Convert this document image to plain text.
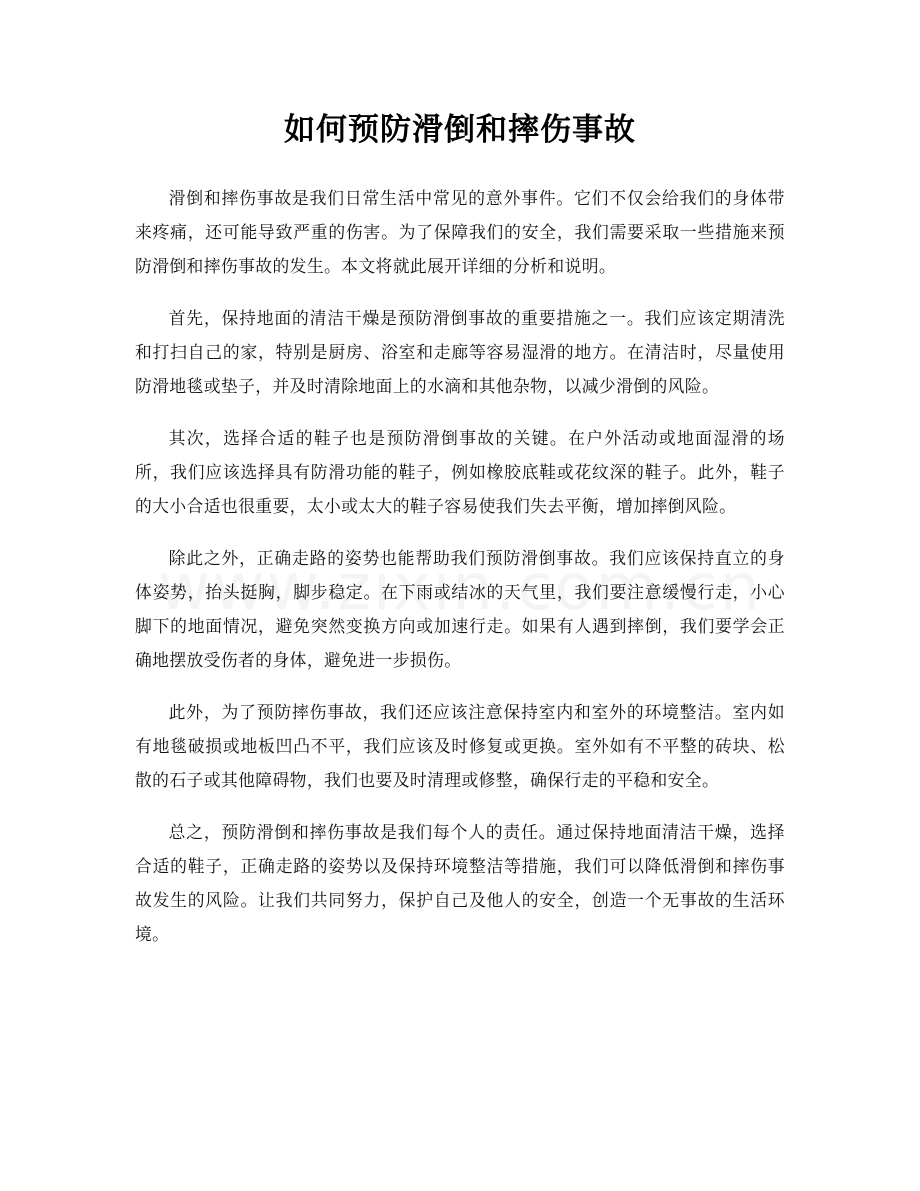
如何预防滑倒和摔伤事故

滑倒和摔伤事故是我们日常生活中常见的意外事件。它们不仅会给我们的身体带来疼痛，还可能导致严重的伤害。为了保障我们的安全，我们需要采取一些措施来预防滑倒和摔伤事故的发生。本文将就此展开详细的分析和说明。

首先，保持地面的清洁干燥是预防滑倒事故的重要措施之一。我们应该定期清洗和打扫自己的家，特别是厨房、浴室和走廊等容易湿滑的地方。在清洁时，尽量使用防滑地毯或垫子，并及时清除地面上的水滴和其他杂物，以减少滑倒的风险。

其次，选择合适的鞋子也是预防滑倒事故的关键。在户外活动或地面湿滑的场所，我们应该选择具有防滑功能的鞋子，例如橡胶底鞋或花纹深的鞋子。此外，鞋子的大小合适也很重要，太小或太大的鞋子容易使我们失去平衡，增加摔倒风险。

除此之外，正确走路的姿势也能帮助我们预防滑倒事故。我们应该保持直立的身体姿势，抬头挺胸，脚步稳定。在下雨或结冰的天气里，我们要注意缓慢行走，小心脚下的地面情况，避免突然变换方向或加速行走。如果有人遇到摔倒，我们要学会正确地摆放受伤者的身体，避免进一步损伤。

此外，为了预防摔伤事故，我们还应该注意保持室内和室外的环境整洁。室内如有地毯破损或地板凹凸不平，我们应该及时修复或更换。室外如有不平整的砖块、松散的石子或其他障碍物，我们也要及时清理或修整，确保行走的平稳和安全。

总之，预防滑倒和摔伤事故是我们每个人的责任。通过保持地面清洁干燥，选择合适的鞋子，正确走路的姿势以及保持环境整洁等措施，我们可以降低滑倒和摔伤事故发生的风险。让我们共同努力，保护自己及他人的安全，创造一个无事故的生活环境。
